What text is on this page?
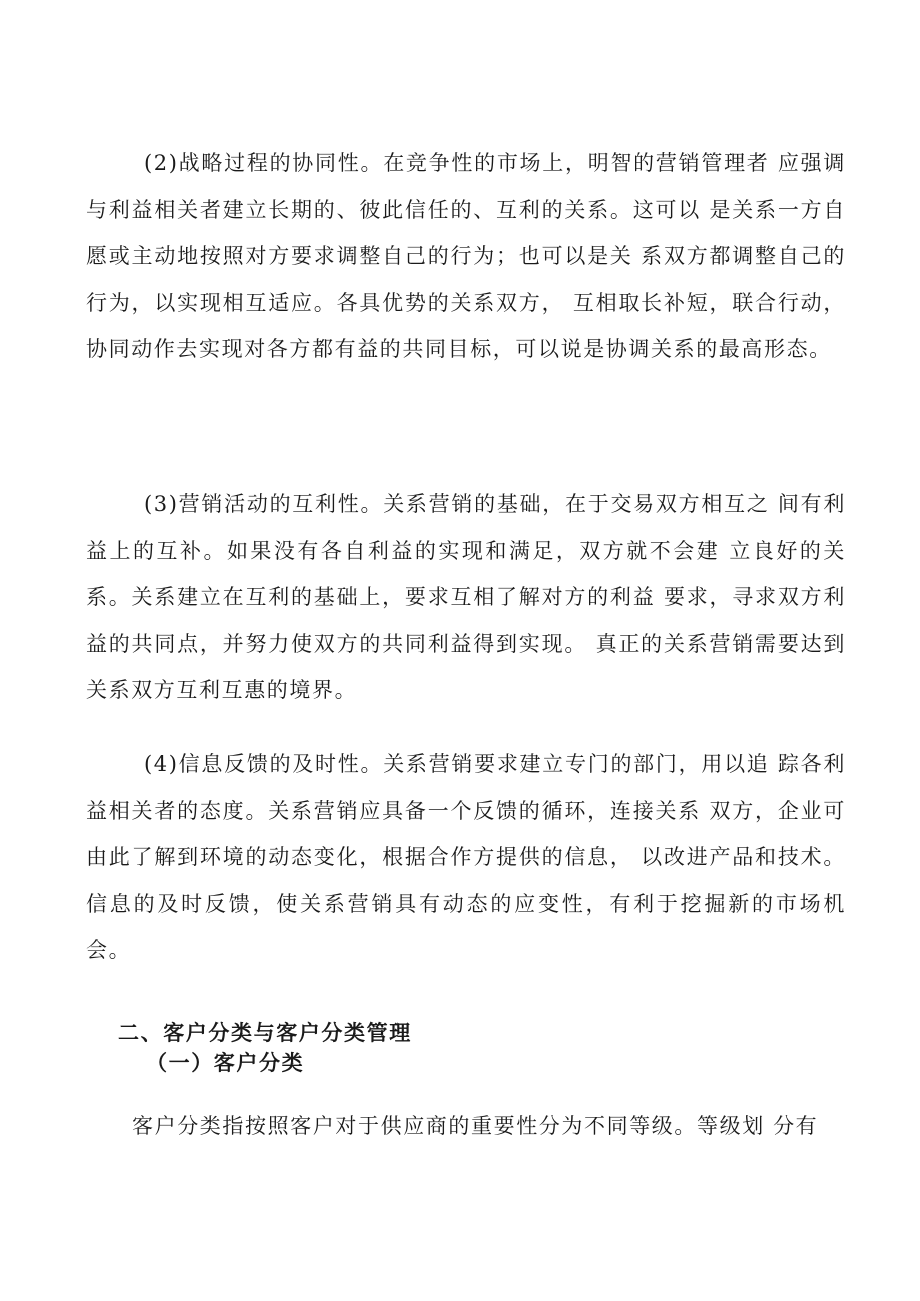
(2)战略过程的协同性。在竞争性的市场上，明智的营销管理者 应强调与利益相关者建立长期的、彼此信任的、互利的关系。这可以 是关系一方自愿或主动地按照对方要求调整自己的行为；也可以是关 系双方都调整自己的行为，以实现相互适应。各具优势的关系双方， 互相取长补短，联合行动，协同动作去实现对各方都有益的共同目标，可以说是协调关系的最高形态。

(3)营销活动的互利性。关系营销的基础，在于交易双方相互之 间有利益上的互补。如果没有各自利益的实现和满足，双方就不会建 立良好的关系。关系建立在互利的基础上，要求互相了解对方的利益 要求，寻求双方利益的共同点，并努力使双方的共同利益得到实现。 真正的关系营销需要达到关系双方互利互惠的境界。

(4)信息反馈的及时性。关系营销要求建立专门的部门，用以追 踪各利益相关者的态度。关系营销应具备一个反馈的循环，连接关系 双方，企业可由此了解到环境的动态变化，根据合作方提供的信息， 以改进产品和技术。信息的及时反馈，使关系营销具有动态的应变性，有利于挖掘新的市场机会。

二、客户分类与客户分类管理
（一）客户分类

客户分类指按照客户对于供应商的重要性分为不同等级。等级划 分有
